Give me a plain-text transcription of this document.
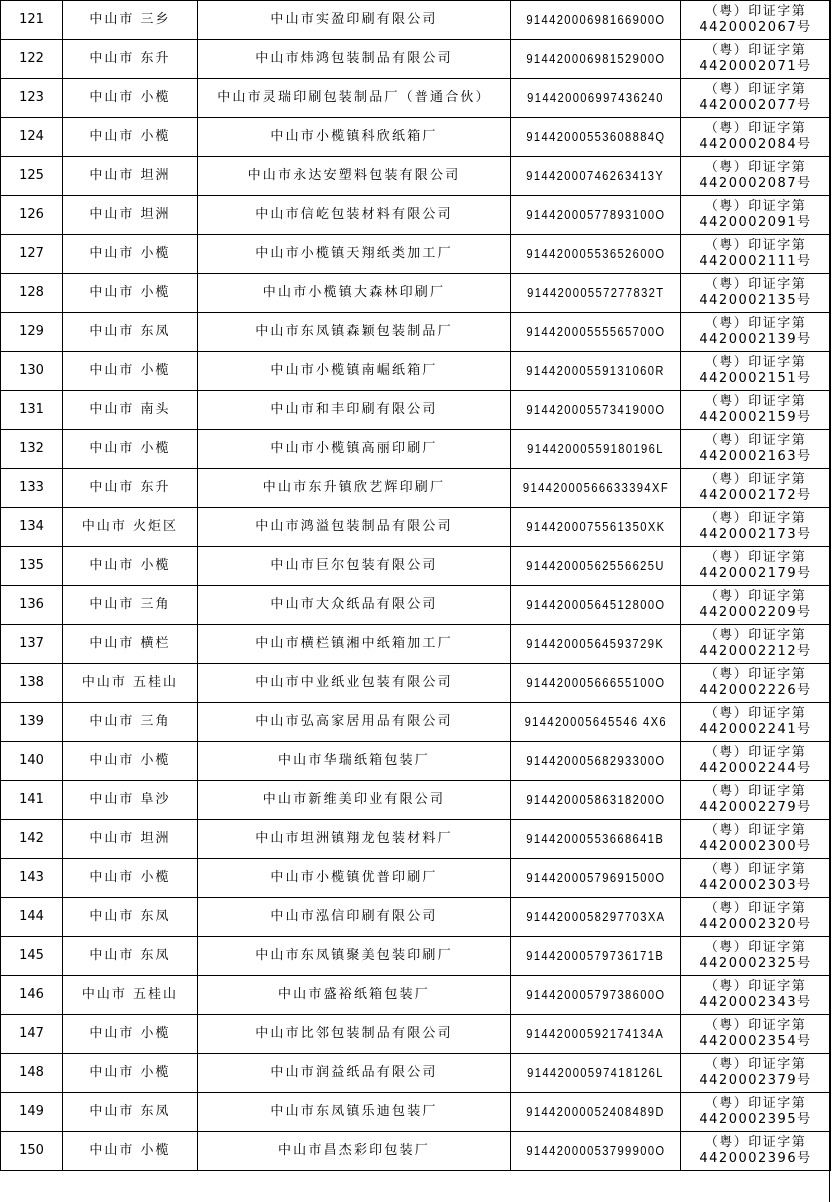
121	中山市 三乡	中山市实盈印刷有限公司	91442000698166900O	（粤）印证字第
4420002067号

122	中山市 东升	中山市炜鸿包装制品有限公司	91442000698152900O	（粤）印证字第
4420002071号

123	中山市 小榄	中山市灵瑞印刷包装制品厂（普通合伙）	914420006997436240	（粤）印证字第
4420002077号

124	中山市 小榄	中山市小榄镇科欣纸箱厂	91442000553608884Q	（粤）印证字第
4420002084号

125	中山市 坦洲	中山市永达安塑料包装有限公司	91442000746263413Y	（粤）印证字第
4420002087号

126	中山市 坦洲	中山市信屹包装材料有限公司	91442000577893100O	（粤）印证字第
4420002091号

127	中山市 小榄	中山市小榄镇天翔纸类加工厂	91442000553652600O	（粤）印证字第
4420002111号

128	中山市 小榄	中山市小榄镇大森林印刷厂	91442000557277832T	（粤）印证字第
4420002135号

129	中山市 东凤	中山市东凤镇森颖包装制品厂	91442000555565700O	（粤）印证字第
4420002139号

130	中山市 小榄	中山市小榄镇南崛纸箱厂	91442000559131060R	（粤）印证字第
4420002151号

131	中山市 南头	中山市和丰印刷有限公司	91442000557341900O	（粤）印证字第
4420002159号

132	中山市 小榄	中山市小榄镇高丽印刷厂	91442000559180196L	（粤）印证字第
4420002163号

133	中山市 东升	中山市东升镇欣艺辉印刷厂	91442000566633394XF	（粤）印证字第
4420002172号

134	中山市 火炬区	中山市鸿溢包装制品有限公司	9144200075561350XK	（粤）印证字第
4420002173号

135	中山市 小榄	中山市巨尔包装有限公司	91442000562556625U	（粤）印证字第
4420002179号

136	中山市 三角	中山市大众纸品有限公司	91442000564512800O	（粤）印证字第
4420002209号

137	中山市 横栏	中山市横栏镇湘中纸箱加工厂	91442000564593729K	（粤）印证字第
4420002212号

138	中山市 五桂山	中山市中业纸业包装有限公司	91442000566655100O	（粤）印证字第
4420002226号

139	中山市 三角	中山市弘高家居用品有限公司	914420005645546 4X6	（粤）印证字第
4420002241号

140	中山市 小榄	中山市华瑞纸箱包装厂	91442000568293300O	（粤）印证字第
4420002244号

141	中山市 阜沙	中山市新维美印业有限公司	91442000586318200O	（粤）印证字第
4420002279号

142	中山市 坦洲	中山市坦洲镇翔龙包装材料厂	91442000553668641B	（粤）印证字第
4420002300号

143	中山市 小榄	中山市小榄镇优普印刷厂	91442000579691500O	（粤）印证字第
4420002303号

144	中山市 东凤	中山市泓信印刷有限公司	9144200058297703XA	（粤）印证字第
4420002320号

145	中山市 东凤	中山市东凤镇聚美包装印刷厂	91442000579736171B	（粤）印证字第
4420002325号

146	中山市 五桂山	中山市盛裕纸箱包装厂	91442000579738600O	（粤）印证字第
4420002343号

147	中山市 小榄	中山市比邻包装制品有限公司	91442000592174134A	（粤）印证字第
4420002354号

148	中山市 小榄	中山市润益纸品有限公司	91442000597418126L	（粤）印证字第
4420002379号

149	中山市 东凤	中山市东凤镇乐迪包装厂	91442000052408489D	（粤）印证字第
4420002395号

150	中山市 小榄	中山市昌杰彩印包装厂	91442000053799900O	（粤）印证字第
4420002396号
